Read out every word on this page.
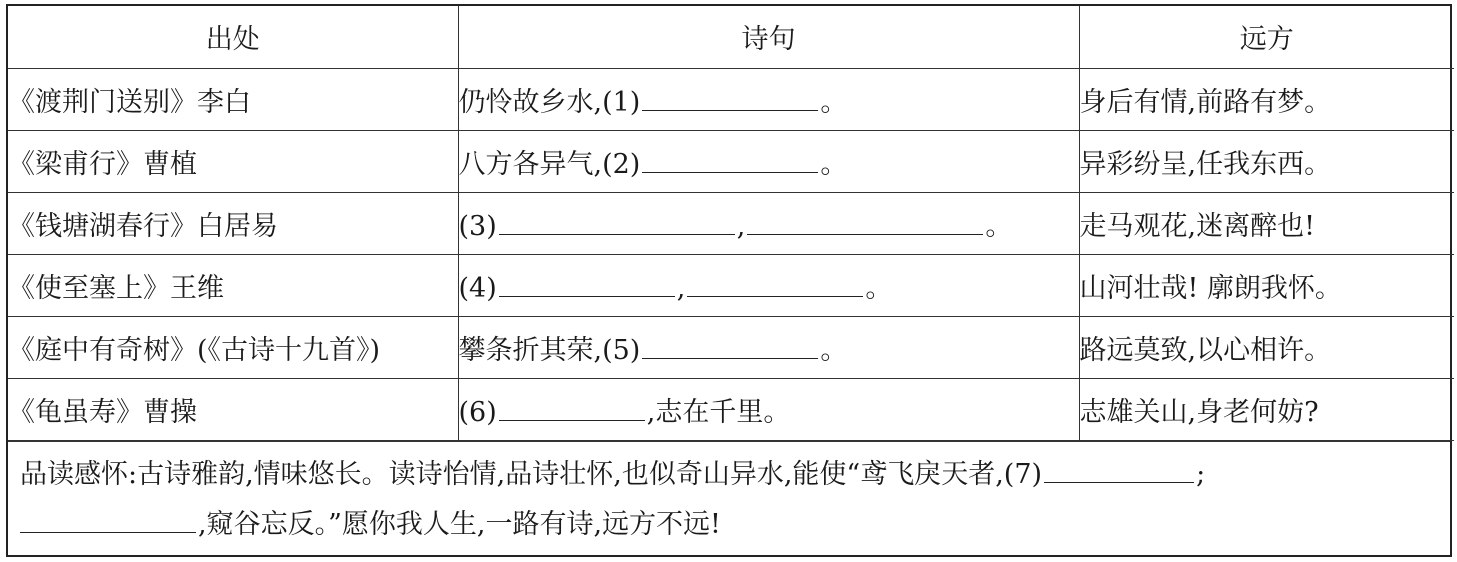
出处	诗句	远方
《渡荆门送别》李白	仍怜故乡水,(1) 。	身后有情,前路有梦。
《梁甫行》曹植	八方各异气,(2) 。	异彩纷呈,任我东西。
《钱塘湖春行》白居易	(3) , 。	走马观花,迷离醉也!
《使至塞上》王维	(4) , 。	山河壮哉! 廓朗我怀。
《庭中有奇树》(《古诗十九首》)	攀条折其荣,(5) 。	路远莫致,以心相许。
《龟虽寿》曹操	(6) ,志在千里。	志雄关山,身老何妨?
品读感怀:古诗雅韵,情味悠长。读诗怡情,品诗壮怀,也似奇山异水,能使“鸢飞戾天者,(7)	;
,窥谷忘反。”愿你我人生,一路有诗,远方不远!
